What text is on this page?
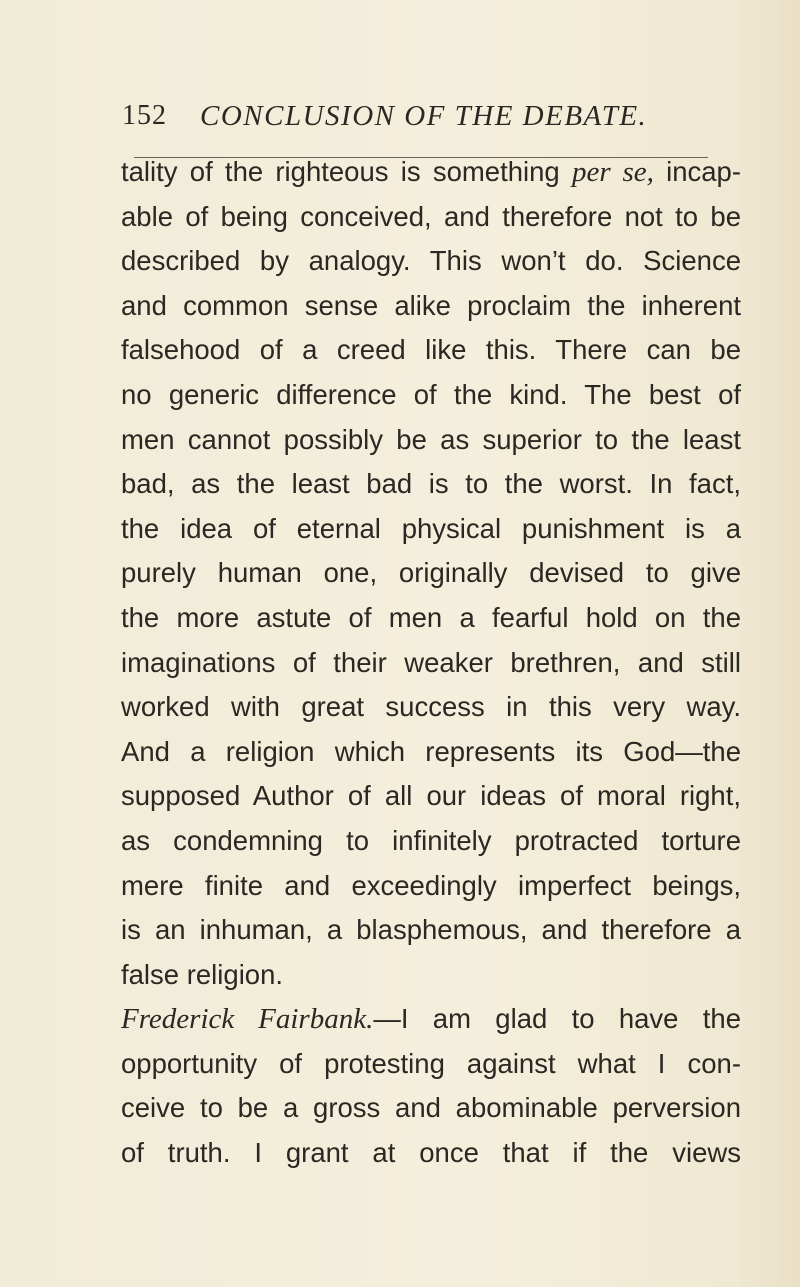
152 CONCLUSION OF THE DEBATE.
tality of the righteous is something per se, incap-
able of being conceived, and therefore not to be
described by analogy. This won’t do. Science
and common sense alike proclaim the inherent
falsehood of a creed like this. There can be
no generic difference of the kind. The best of
men cannot possibly be as superior to the least
bad, as the least bad is to the worst. In fact,
the idea of eternal physical punishment is a
purely human one, originally devised to give
the more astute of men a fearful hold on the
imaginations of their weaker brethren, and still
worked with great success in this very way.
And a religion which represents its God—the
supposed Author of all our ideas of moral right,
as condemning to infinitely protracted torture
mere finite and exceedingly imperfect beings,
is an inhuman, a blasphemous, and therefore a
false religion.
Frederick Fairbank.—I am glad to have the
opportunity of protesting against what I con-
ceive to be a gross and abominable perversion
of truth. I grant at once that if the views
